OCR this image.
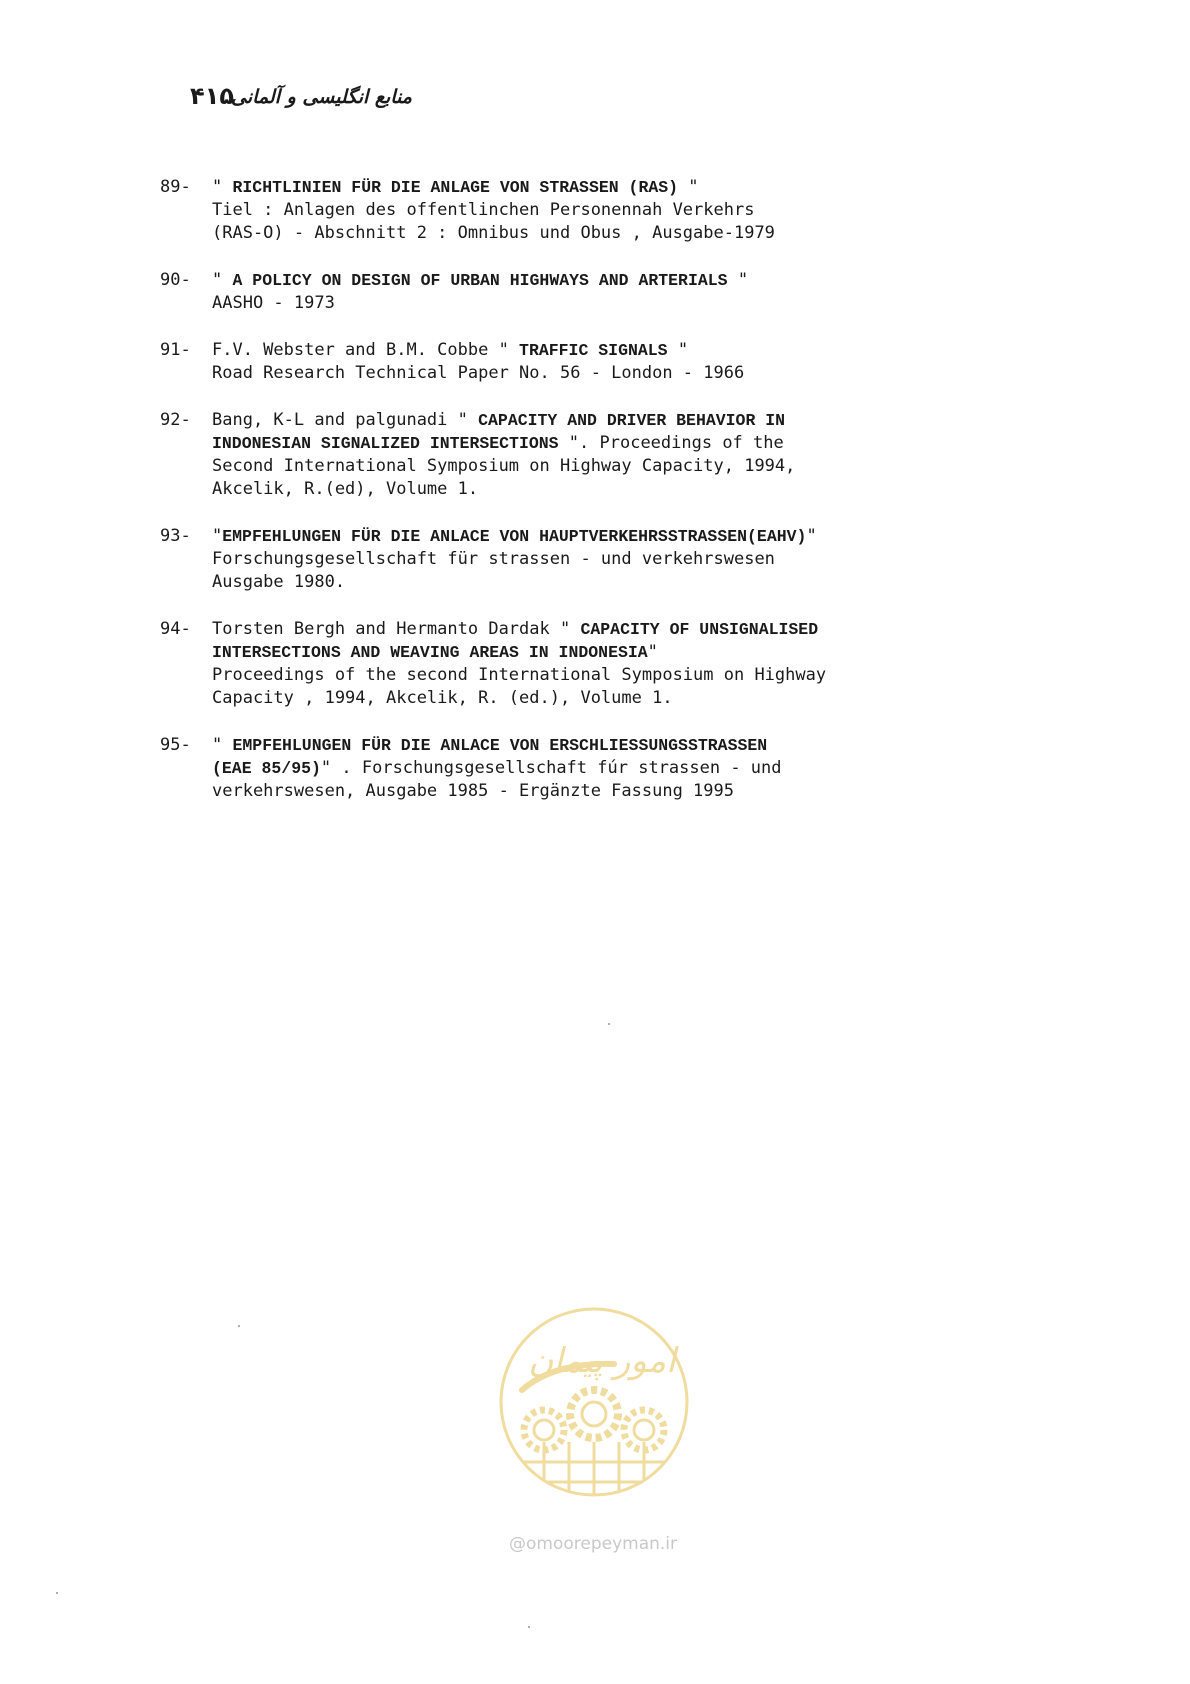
۴۱۵
منابع انگلیسی و آلمانی
89-	" RICHTLINIEN FÜR DIE ANLAGE VON STRASSEN (RAS) "
Tiel : Anlagen des offentlinchen Personennah Verkehrs
(RAS-O) - Abschnitt 2 : Omnibus und Obus , Ausgabe-1979
90-	" A POLICY ON DESIGN OF URBAN HIGHWAYS AND ARTERIALS "
AASHO - 1973
91-	F.V. Webster and B.M. Cobbe " TRAFFIC SIGNALS "
Road Research Technical Paper No. 56 - London - 1966
92-	Bang, K-L and palgunadi " CAPACITY AND DRIVER BEHAVIOR IN
INDONESIAN SIGNALIZED INTERSECTIONS ". Proceedings of the
Second International Symposium on Highway Capacity, 1994,
Akcelik, R.(ed), Volume 1.
93-	"EMPFEHLUNGEN FÜR DIE ANLACE VON HAUPTVERKEHRSSTRASSEN(EAHV)"
Forschungsgesellschaft für strassen - und verkehrswesen
Ausgabe 1980.
94-	Torsten Bergh and Hermanto Dardak " CAPACITY OF UNSIGNALISED
INTERSECTIONS AND WEAVING AREAS IN INDONESIA"
Proceedings of the second International Symposium on Highway
Capacity , 1994, Akcelik, R. (ed.), Volume 1.
95-	" EMPFEHLUNGEN FÜR DIE ANLACE VON ERSCHLIESSUNGSSTRASSEN
(EAE 85/95)" . Forschungsgesellschaft fúr strassen - und
verkehrswesen, Ausgabe 1985 - Ergänzte Fassung 1995
امور پیمان
@omoorepeyman.ir
